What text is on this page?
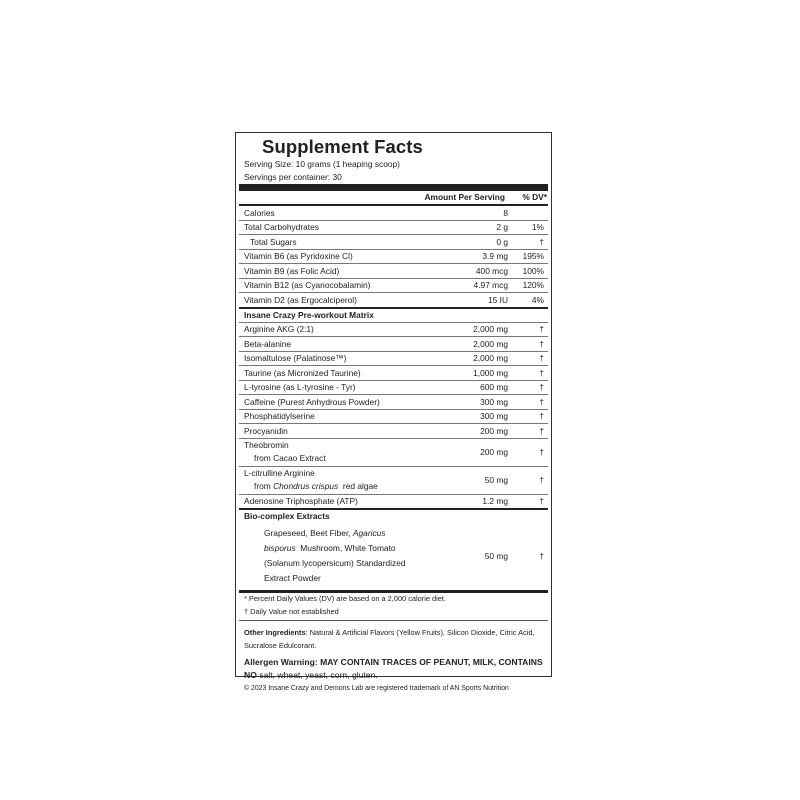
Supplement Facts
Serving Size: 10 grams (1 heaping scoop)
Servings per container: 30
Amount Per Serving	% DV*
Calories	8
Total Carbohydrates	2 g	1%
Total Sugars	0 g	†
Vitamin B6 (as Pyridoxine Cl)	3.9 mg	195%
Vitamin B9 (as Folic Acid)	400 mcg	100%
Vitamin B12 (as Cyanocobalamin)	4.97 mcg	120%
Vitamin D2 (as Ergocalciperol)	15 IU	4%
Insane Crazy Pre-workout Matrix
Arginine AKG (2:1)	2,000 mg	†
Beta-alanine	2,000 mg	†
Isomaltulose (Palatinose™)	2,000 mg	†
Taurine (as Micronized Taurine)	1,000 mg	†
L-tyrosine (as L-tyrosine - Tyr)	600 mg	†
Caffeine (Purest Anhydrous Powder)	300 mg	†
Phosphatidylserine	300 mg	†
Procyanidin	200 mg	†
Theobromin
from Cacao Extract
200 mg	†
L-citrulline Arginine
from Chondrus crispus  red algae
50 mg	†
Adenosine Triphosphate (ATP)	1.2 mg	†
Bio-complex Extracts
Grapeseed, Beet Fiber, Agaricus
bisporus  Mushroom, White Tomato
(Solanum lycopersicum) Standardized
Extract Powder
50 mg	†
* Percent Daily Values (DV) are based on a 2,000 calorie diet.
† Daily Value not established
Other Ingredients: Natural & Artificial Flavors (Yellow Fruits), Silicon Dioxide, Citric Acid, Sucralose Edulcorant.
Allergen Warning: MAY CONTAIN TRACES OF PEANUT, MILK, CONTAINS NO salt, wheat, yeast, corn, gluten.
© 2023 Insane Crazy and Demons Lab are registered trademark of AN Sports Nutrition
